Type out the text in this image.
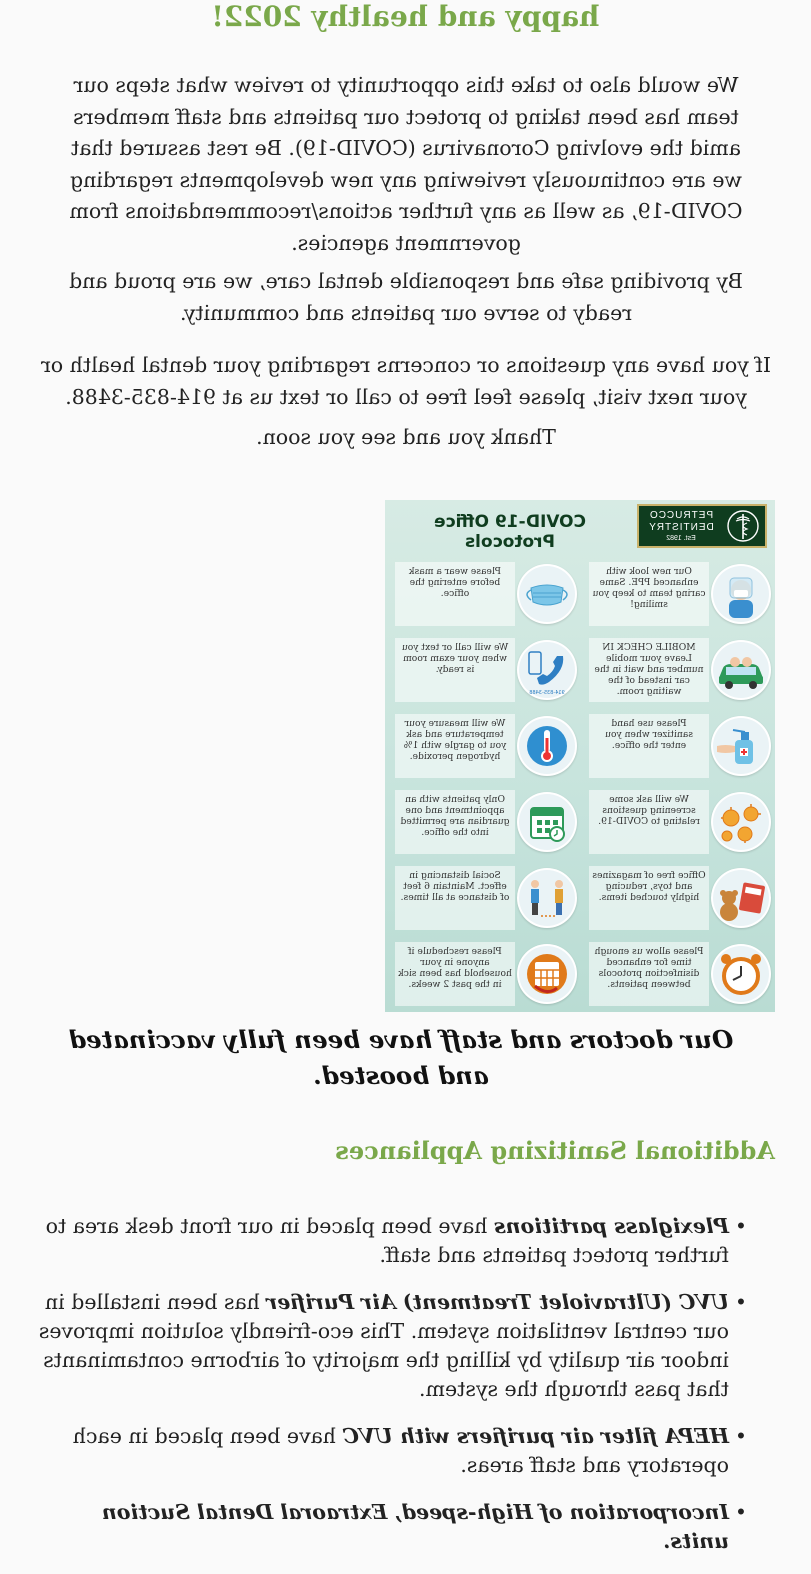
happy and healthy 2022!

We would also to take this opportunity to review what steps our team has been taking to protect our patients and staff members amid the evolving Coronavirus (COVID-19). Be rest assured that we are continuously reviewing any new developments regarding COVID-19, as well as any further actions/recommendations from government agencies.

By providing safe and responsible dental care, we are proud and ready to serve our patients and community.

If you have any questions or concerns regarding your dental health or your next visit, please feel free to call or text us at 914-835-3488.

Thank you and see you soon.

PETRUCCO
DENTISTRY
Est. 1982
COVID-19 Office Protocols
Our new look with enhanced PPE. Same caring team to keep you smiling!
Please wear a mask before entering the office.
MOBILE CHECK IN Leave your mobile number and wait in the car instead of the waiting room.
914-835-3488
We will call or text you when your exam room is ready.
Please use hand sanitizer when you enter the office.
We will measure your temperature and ask you to gargle with 1% hydrogen peroxide.
We will ask some screening questions relating to COVID-19.
Only patients with an appointment and one guardian are permitted into the office.
Office free of magazines and toys, reducing highly touched items.
Social distancing in effect. Maintain 6 feet of distance at all times.
Please allow us enough time for enhanced disinfection protocols between patients.
Please reschedule if anyone in your household has been sick in the past 2 weeks.

Our doctors and staff have been fully vaccinated and boosted.

Additional Sanitizing Appliances
• Plexiglass partitions have been placed in our front desk area to further protect patients and staff.
• UVC (Ultraviolet Treatment) Air Purifier has been installed in our central ventilation system. This eco-friendly solution improves indoor air quality by killing the majority of airborne contaminants that pass through the system.
• HEPA filter air purifiers with UVC have been placed in each operatory and staff areas.
• Incorporation of High-speed, Extraoral Dental Suction units.
